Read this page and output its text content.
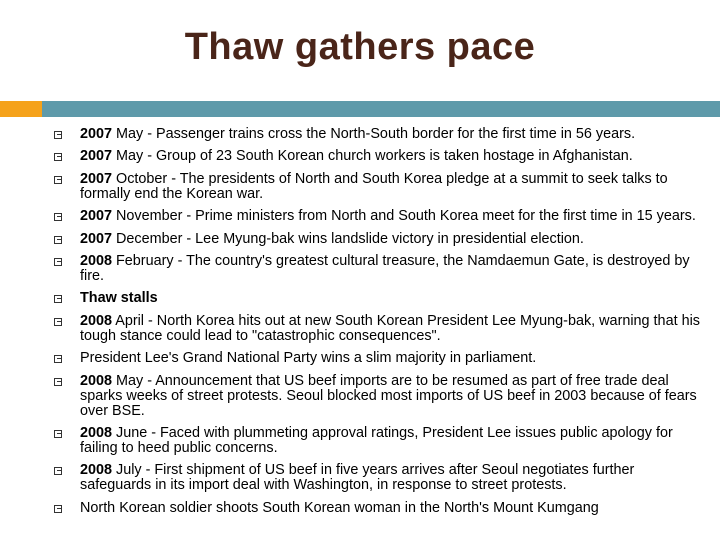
Thaw gathers pace
2007 May - Passenger trains cross the North-South border for the first time in 56 years.
2007 May - Group of 23 South Korean church workers is taken hostage in Afghanistan.
2007 October - The presidents of North and South Korea pledge at a summit to seek talks to formally end the Korean war.
2007 November - Prime ministers from North and South Korea meet for the first time in 15 years.
2007 December - Lee Myung-bak wins landslide victory in presidential election.
2008 February - The country's greatest cultural treasure, the Namdaemun Gate, is destroyed by fire.
Thaw stalls
2008 April - North Korea hits out at new South Korean President Lee Myung-bak, warning that his tough stance could lead to "catastrophic consequences".
President Lee's Grand National Party wins a slim majority in parliament.
2008 May - Announcement that US beef imports are to be resumed as part of free trade deal sparks weeks of street protests. Seoul blocked most imports of US beef in 2003 because of fears over BSE.
2008 June - Faced with plummeting approval ratings, President Lee issues public apology for failing to heed public concerns.
2008 July - First shipment of US beef in five years arrives after Seoul negotiates further safeguards in its import deal with Washington, in response to street protests.
North Korean soldier shoots South Korean woman in the North's Mount Kumgang
